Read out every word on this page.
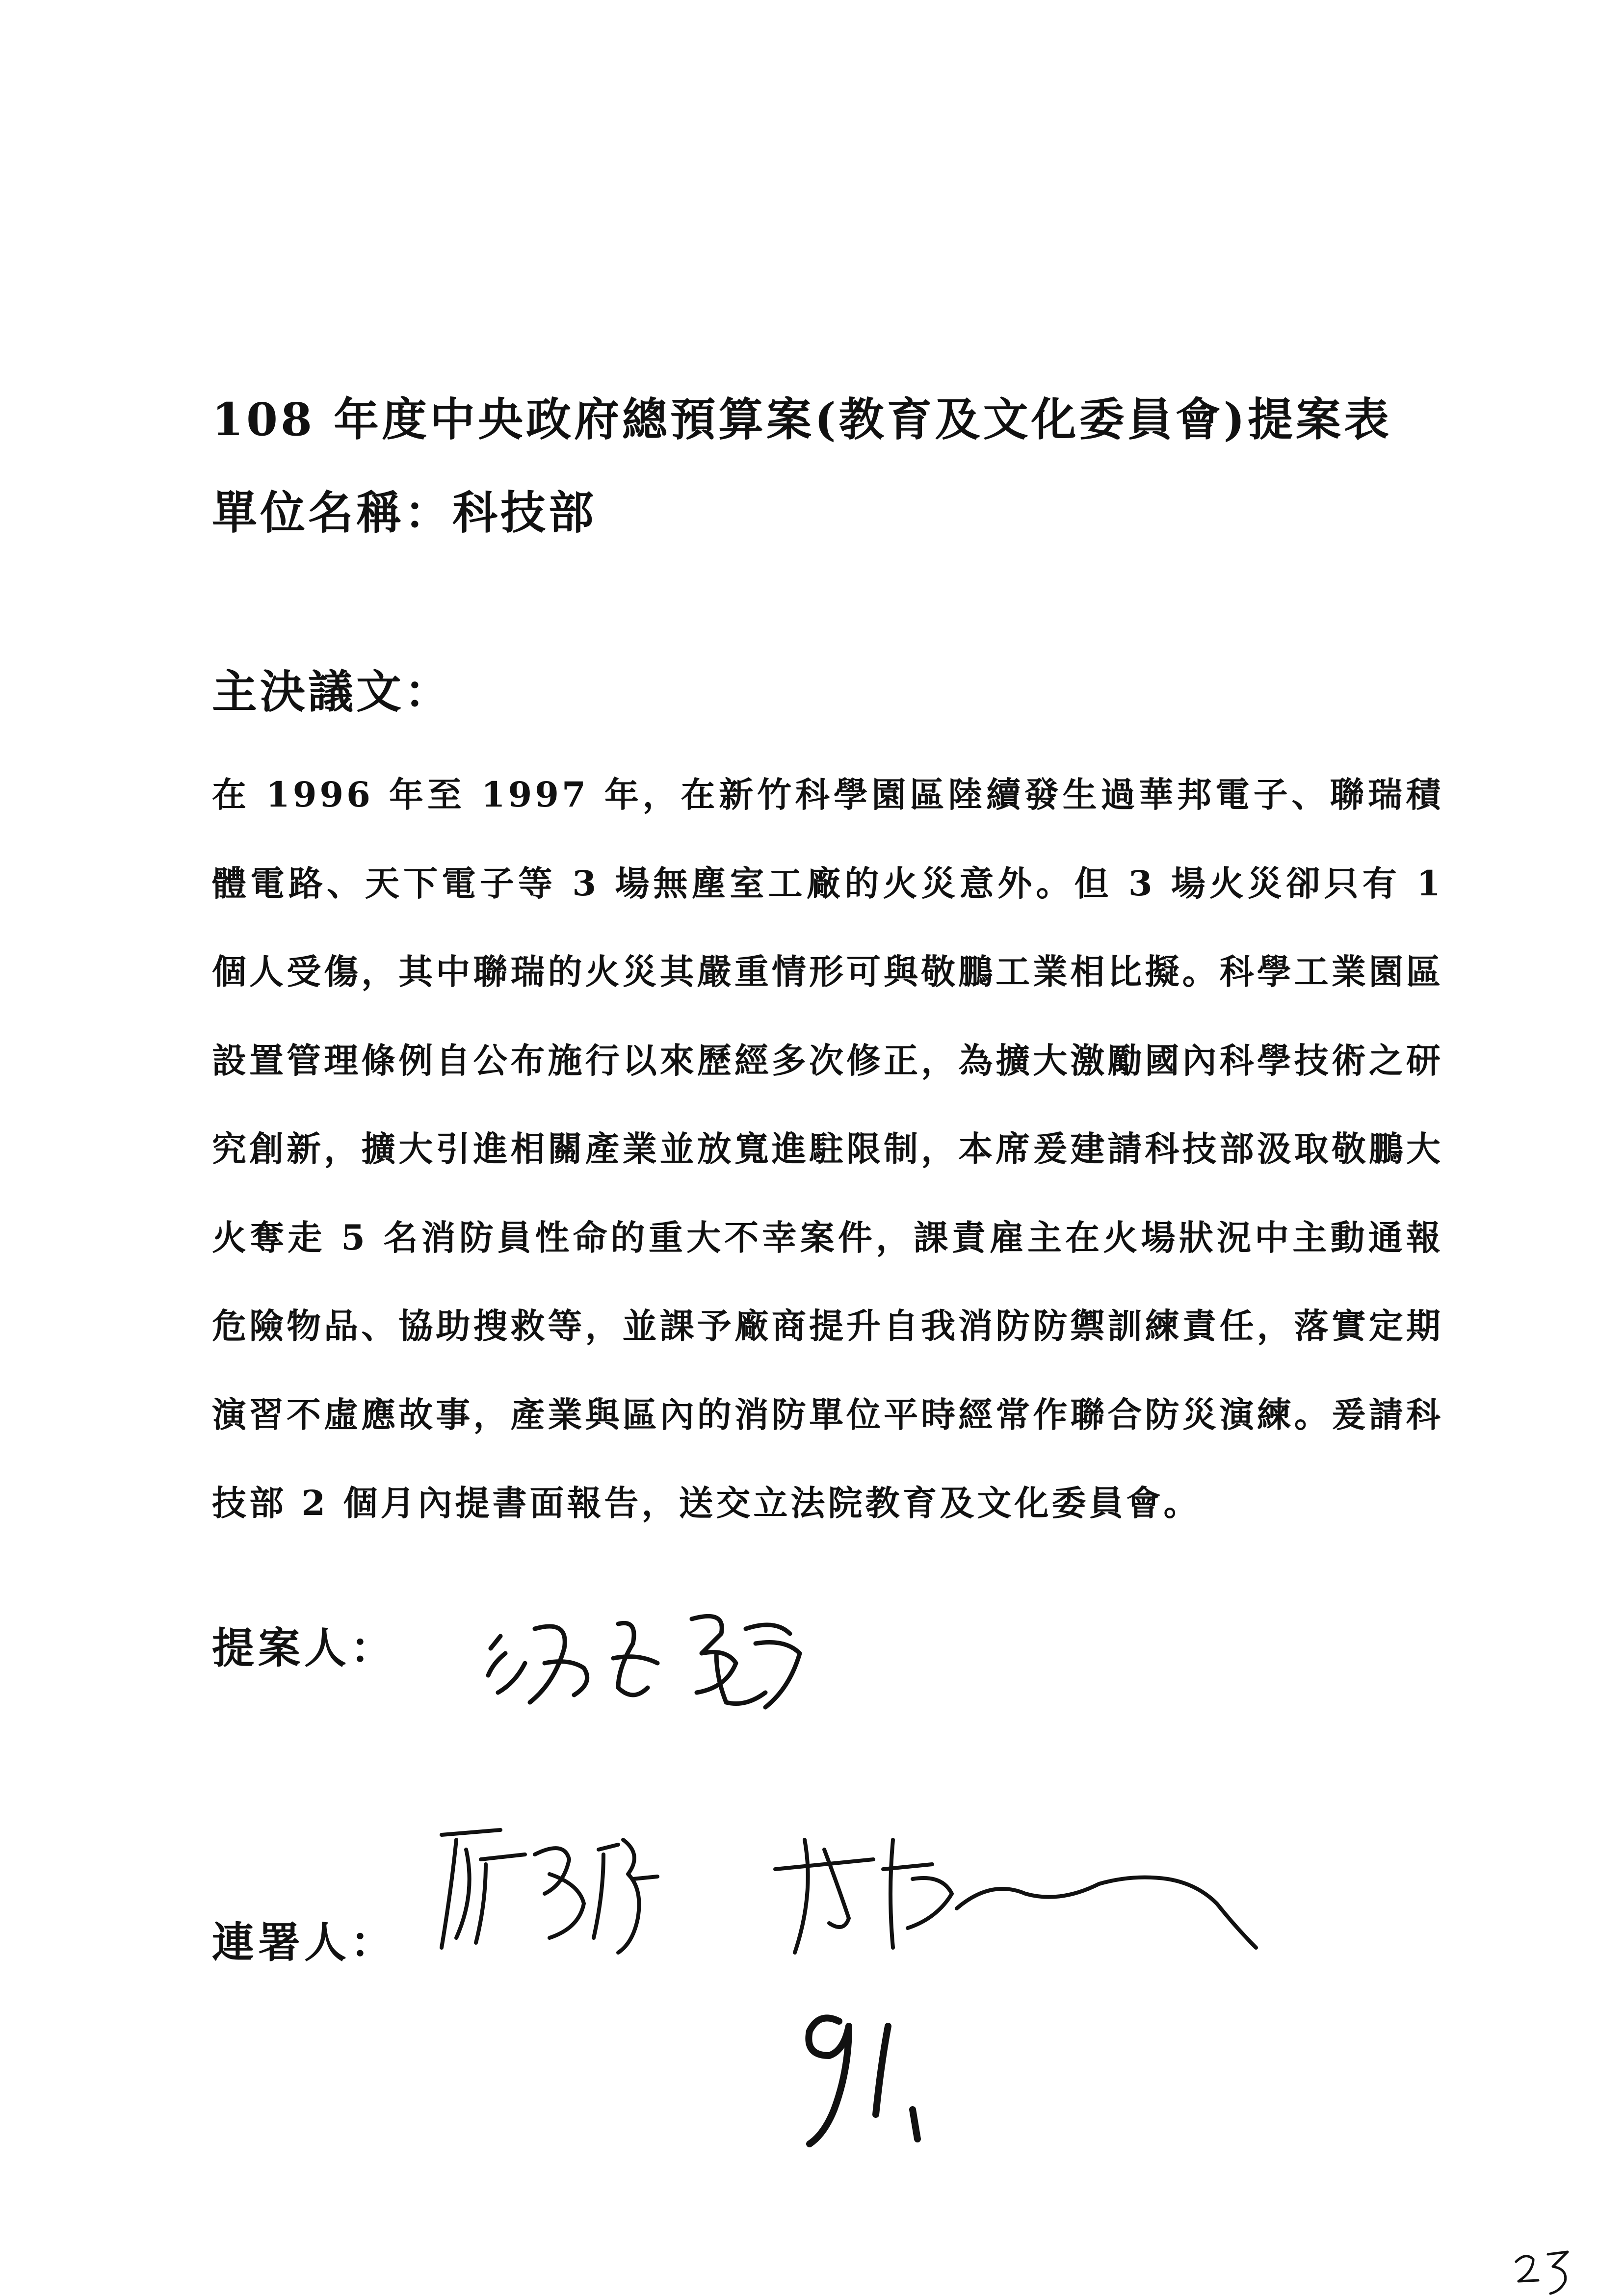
108 年度中央政府總預算案(教育及文化委員會)提案表
單位名稱：科技部
主決議文：
在 1996 年至 1997 年，在新竹科學園區陸續發生過華邦電子、聯瑞積體電路、天下電子等 3 場無塵室工廠的火災意外。但 3 場火災卻只有 1 個人受傷，其中聯瑞的火災其嚴重情形可與敬鵬工業相比擬。科學工業園區設置管理條例自公布施行以來歷經多次修正，為擴大激勵國內科學技術之研究創新，擴大引進相關產業並放寬進駐限制，本席爰建請科技部汲取敬鵬大火奪走 5 名消防員性命的重大不幸案件，課責雇主在火場狀況中主動通報危險物品、協助搜救等，並課予廠商提升自我消防防禦訓練責任，落實定期演習不虛應故事，產業與區內的消防單位平時經常作聯合防災演練。爰請科技部 2 個月內提書面報告，送交立法院教育及文化委員會。
提案人：
連署人：
